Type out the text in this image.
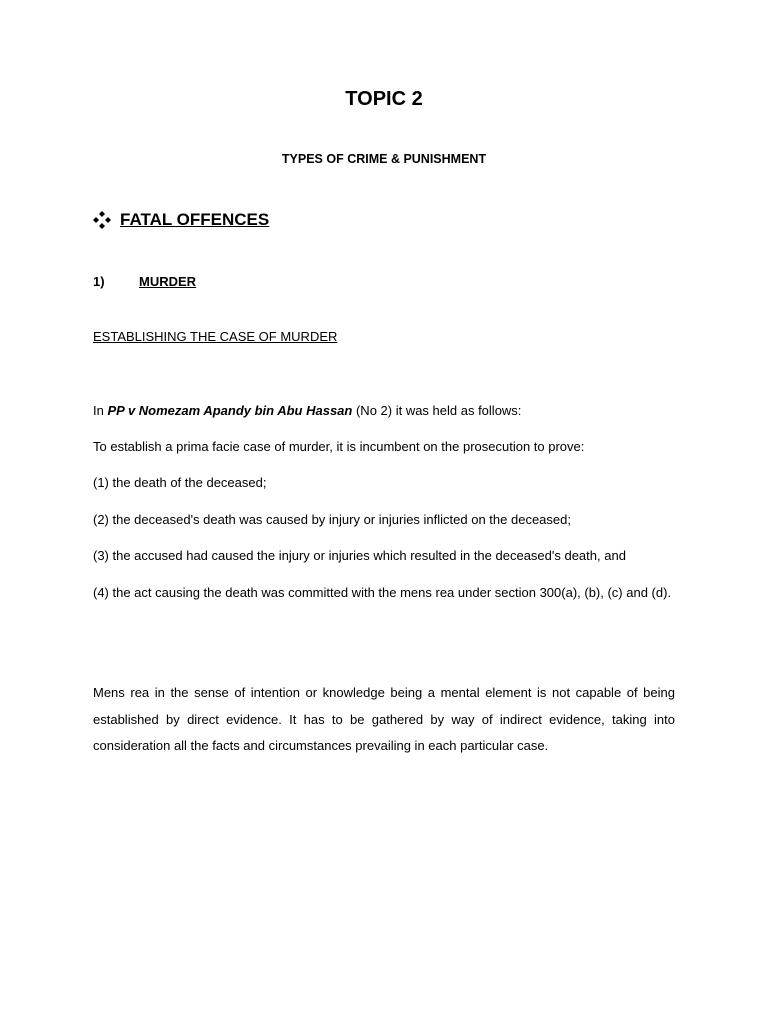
TOPIC 2
TYPES OF CRIME & PUNISHMENT
FATAL OFFENCES
1)	MURDER
ESTABLISHING THE CASE OF MURDER
In PP v Nomezam Apandy bin Abu Hassan (No 2) it was held as follows:
To establish a prima facie case of murder, it is incumbent on the prosecution to prove:
(1) the death of the deceased;
(2) the deceased's death was caused by injury or injuries inflicted on the deceased;
(3) the accused had caused the injury or injuries which resulted in the deceased's death, and
(4) the act causing the death was committed with the mens rea under section 300(a), (b), (c) and (d).
Mens rea in the sense of intention or knowledge being a mental element is not capable of being established by direct evidence. It has to be gathered by way of indirect evidence, taking into consideration all the facts and circumstances prevailing in each particular case.
